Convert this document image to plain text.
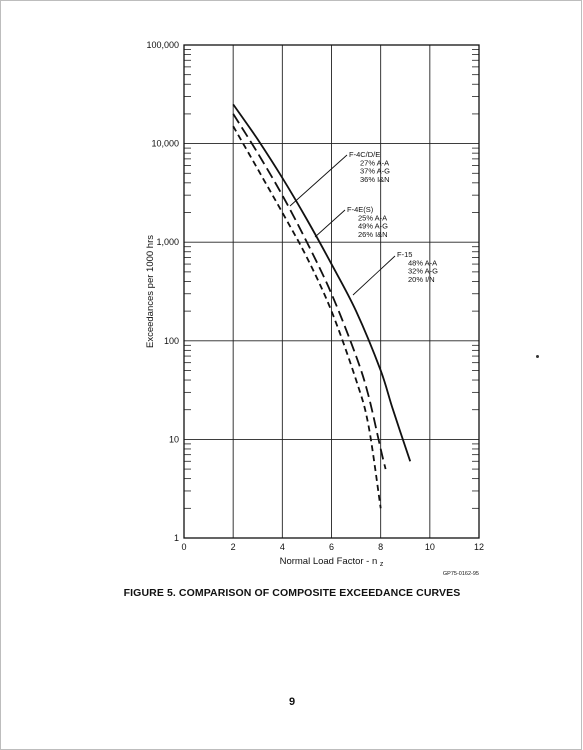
0	2	4	6	8	10	12
1
10
100
1,000
10,000
100,000
Normal Load Factor - n $_z$
Exceedances per 1000 hrs
F-4C/D/E
27% A-A
37% A-G
36% I&N
F-4E(S)
25% A-A
49% A-G
26% I&N
F-15
48% A-A
32% A-G
20% I/N
GP75-0162-95
FIGURE 5. COMPARISON OF COMPOSITE EXCEEDANCE CURVES
9
